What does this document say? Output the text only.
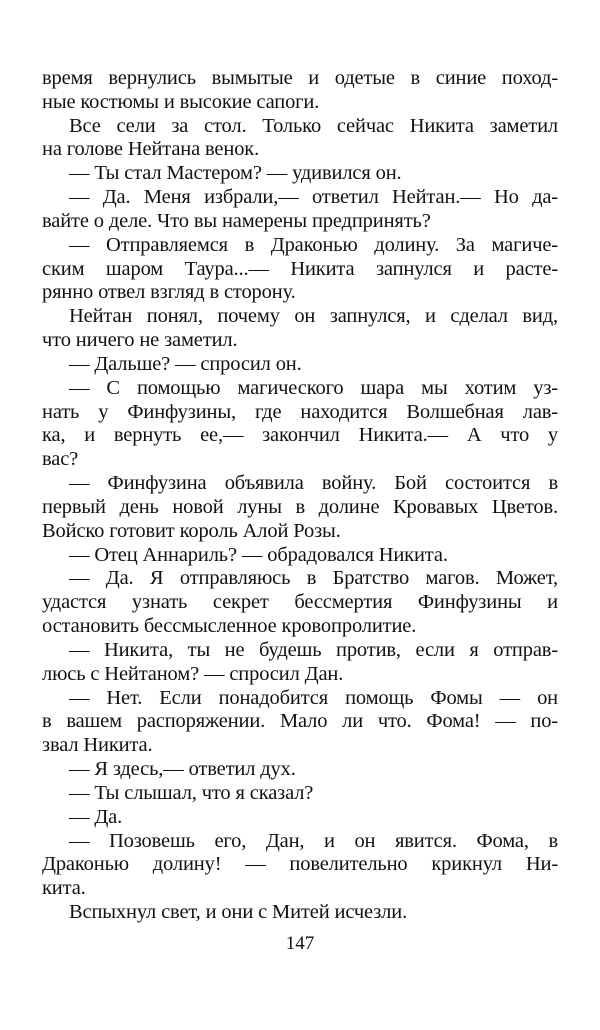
время вернулись вымытые и одетые в синие поход-
ные костюмы и высокие сапоги.
Все сели за стол. Только сейчас Никита заметил
на голове Нейтана венок.
— Ты стал Мастером? — удивился он.
— Да. Меня избрали,— ответил Нейтан.— Но да-
вайте о деле. Что вы намерены предпринять?
— Отправляемся в Драконью долину. За магиче-
ским шаром Таура...— Никита запнулся и расте-
рянно отвел взгляд в сторону.
Нейтан понял, почему он запнулся, и сделал вид,
что ничего не заметил.
— Дальше? — спросил он.
— С помощью магического шара мы хотим уз-
нать у Финфузины, где находится Волшебная лав-
ка, и вернуть ее,— закончил Никита.— А что у
вас?
— Финфузина объявила войну. Бой состоится в
первый день новой луны в долине Кровавых Цветов.
Войско готовит король Алой Розы.
— Отец Аннариль? — обрадовался Никита.
— Да. Я отправляюсь в Братство магов. Может,
удастся узнать секрет бессмертия Финфузины и
остановить бессмысленное кровопролитие.
— Никита, ты не будешь против, если я отправ-
люсь с Нейтаном? — спросил Дан.
— Нет. Если понадобится помощь Фомы — он
в вашем распоряжении. Мало ли что. Фома! — по-
звал Никита.
— Я здесь,— ответил дух.
— Ты слышал, что я сказал?
— Да.
— Позовешь его, Дан, и он явится. Фома, в
Драконью долину! — повелительно крикнул Ни-
кита.
Вспыхнул свет, и они с Митей исчезли.
147
